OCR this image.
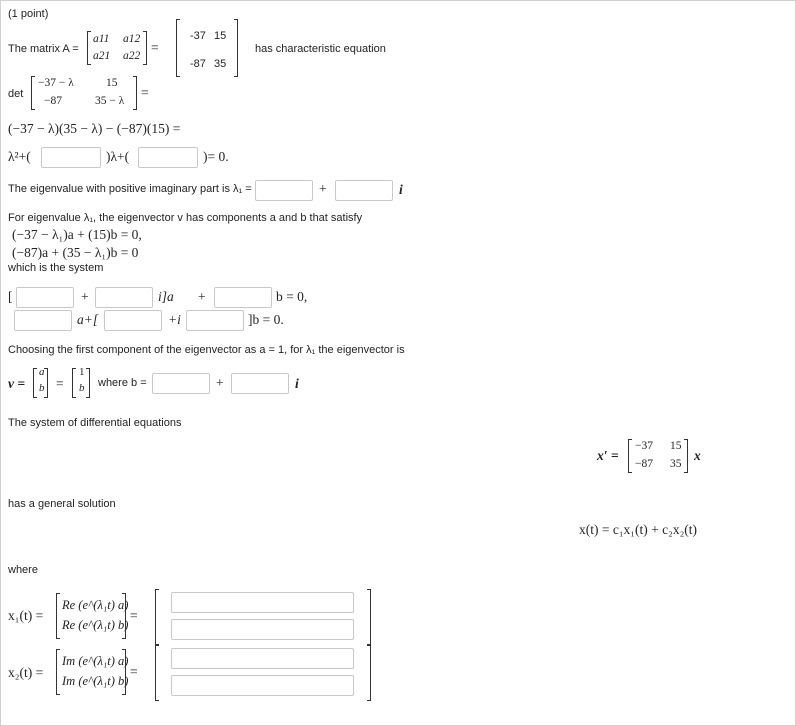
(1 point)
The matrix A =
a11 a12
a21 a22
=
-37 15
-87 35
has characteristic equation
det
−37 − λ	15
−87	35 − λ
=
(−37 − λ)(35 − λ) − (−87)(15) =
λ²+(	)λ+(	)= 0.
The eigenvalue with positive imaginary part is λ₁ =	+	i
For eigenvalue λ₁, the eigenvector v has components a and b that satisfy
(−37 − λ₁)a + (15)b = 0,
(−87)a + (35 − λ₁)b = 0
which is the system
[	+	i]a +	b = 0,
a+[	+i	]b = 0.
Choosing the first component of the eigenvector as a = 1, for λ₁ the eigenvector is
v =
a
b =
1
b where b =	+	i
The system of differential equations
x′ =
−37 15
−87 35
x
has a general solution
x(t) = c₁x₁(t) + c₂x₂(t)
where
x₁(t) =
Re (e^(λ₁t) a)
Re (e^(λ₁t) b)
=
x₂(t) =
Im (e^(λ₁t) a)
Im (e^(λ₁t) b)
=
